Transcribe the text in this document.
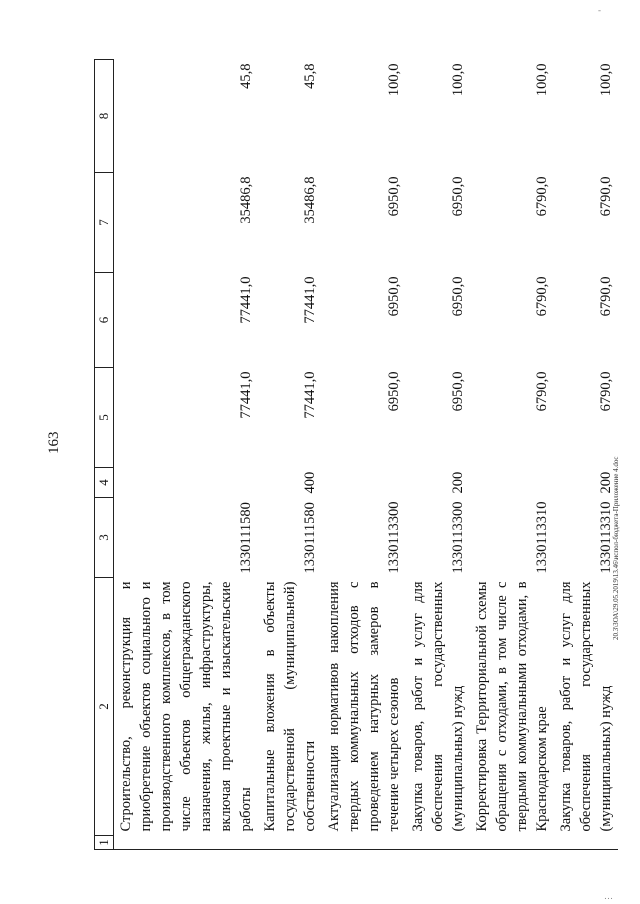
-
163
1	2	3	4	5	6	7	8
	Строительство, реконструкция и приобретение объектов социального и производственного комплексов, в том числе объектов общегражданского назначения, жилья, инфраструктуры, включая проектные и изыскательские работы	1330111580		77441,0	77441,0	35486,8	45,8
	Капитальные вложения в объекты государственной (муниципальной) собственности	1330111580	400	77441,0	77441,0	35486,8	45,8
	Актуализация нормативов накопления твердых коммунальных отходов с проведением натурных замеров в течение четырех сезонов	1330113300		6950,0	6950,0	6950,0	100,0
	Закупка товаров, работ и услуг для обеспечения государственных (муниципальных) нужд	1330113300	200	6950,0	6950,0	6950,0	100,0
	Корректировка Территориальной схемы обращения с отходами, в том числе с твердыми коммунальными отходами, в Краснодарском крае	1330113310		6790,0	6790,0	6790,0	100,0
	Закупка товаров, работ и услуг для обеспечения государственных (муниципальных) нужд	1330113310	200	6790,0	6790,0	6790,0	100,0
20.3\ЗОА\29.05.2019\13.46\испол-бюджета-Приложение 4.doc
…
